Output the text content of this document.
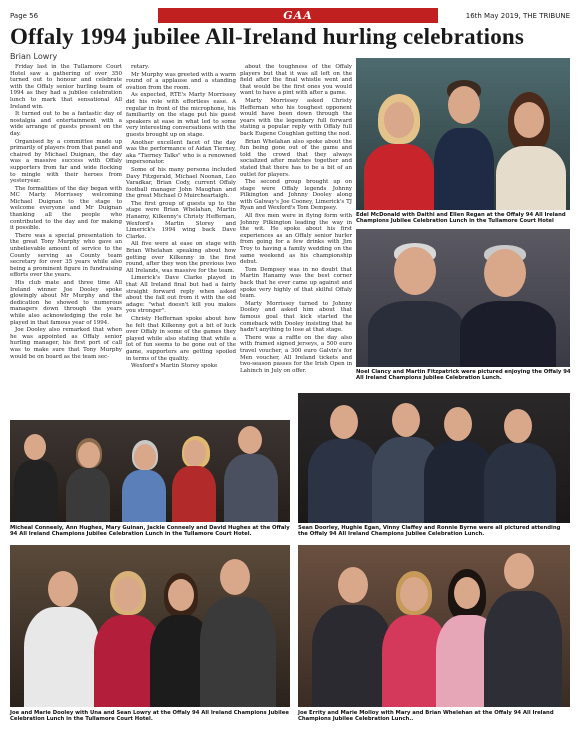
Page 56	GAA	16th May 2019, THE TRIBUNE
Offaly 1994 jubilee All-Ireland hurling celebrations
Brian Lowry

Friday last in the Tullamore Court Hotel saw a gathering of over 350 turned out to honour and celebrate with the Offaly senior hurling team of 1994 as they had a jubilee celebration lunch to mark that sensational All Ireland win.

It turned out to be a fantastic day of nostalgia and entertainment with a wide arrange of guests present on the day.

Organised by a committee made up primarily of players from that panel and chaired by Michael Duignan, the day was a massive success with Offaly supporters from far and wide flocking to mingle with their heroes from yesteryear.

The formalities of the day began with MC Marty Morrissey welcoming Michael Duignan to the stage to welcome everyone and Mr Duignan thanking all the people who contributed to the day and for making it possible.

There was a special presentation to the great Tony Murphy who gave an unbelievable amount of service to the County serving as County team secretary for over 35 years while also being a prominent figure in fundraising efforts over the years.

His club mate and three time All Ireland winner Joe Dooley spoke glowingly about Mr Murphy and the dedication he showed to numerous managers down through the years while also acknowledging the role he played in that famous year of 1994.

Joe Dooley also remarked that when he was appointed as Offaly senior hurling manager, his first port of call was to make sure that Tony Murphy would be on board as the team sec-

retary.

Mr Murphy was greeted with a warm round of a applause and a standing ovation from the room.

As expected, RTE's Marty Morrissey did his role with effortless ease. A regular in front of the microphone, his familiarity on the stage put his guest speakers at ease in what led to some very interesting conversations with the guests brought up on stage.

Another excellent facet of the day was the performance of Aidan Tierney, aka "Tierney Talks" who is a renowned impersonator.

Some of his many persona included Davy Fitzgerald, Michael Noonan, Leo Varadkar, Brian Cody, current Offaly football manager John Maughan and the great Michael O Muircheartaigh.

The first group of guests up to the stage were Brian Whelahan, Martin Hanamy, Kilkenny's Christy Heffernan, Wexford's Martin Storey and Limerick's 1994 wing back Dave Clarke.

All five were at ease on stage with Brian Whelahan speaking about how getting over Kilkenny in the first round, after they won the previous two All Irelands, was massive for the team.

Limerick's Dave Clarke played in that All Ireland final but had a fairly straight forward reply when asked about the fall out from it with the old adage: "what doesn't kill you makes you stronger".

Christy Heffernan spoke about how he felt that Kilkenny got a bit of luck over Offaly in some of the games they played while also stating that while a lot of fun seems to be gone out of the game, supporters are getting spoiled in terms of the quality.

Wexford's Martin Storey spoke

about the toughness of the Offaly players but that it was all left on the field after the final whistle went and that would be the first ones you would want to have a pint with after a game.

Marty Morrissey asked Christy Heffernan who his toughest opponent would have been down through the years with the legendary full forward stating a popular reply with Offaly full back Eugene Coughlan getting the nod.

Brian Whelahan also spoke about the fun being gone out of the game and told the crowd that they always socialized after matches together and stated that there has to be a bit of an outlet for players.

The second group brought up on stage were Offaly legends Johnny Pilkington and Johnny Dooley along with Galway's Joe Cooney, Limerick's TJ Ryan and Wexford's Tom Dempsey.

All five men were in flying form with Johnny Pilkington leading the way in the wit. He spoke about his first experiences as an Offaly senior hurler from going for a few drinks with Jim Troy to having a family wedding on the same weekend as his championship debut.

Tom Dempsey was in no doubt that Martin Hanamy was the best corner back that he ever came up against and spoke very highly of that skilful Offaly team.

Marty Morrissey turned to Johnny Dooley and asked him about that famous goal that kick started the comeback with Dooley insisting that he hadn't anything to lose at that stage.

There was a raffle on the day also with framed signed jerseys, a 500 euro travel voucher, a 300 euro Galvin's for Men voucher, All Ireland tickets and two-season passes for the Irish Open in Lahinch in July on offer.

Edel McDonald with Daithi and Ellen Regan at the Offaly 94 All Ireland Champions Jubilee Celebration Lunch in the Tullamore Court Hotel
Noel Clancy and Martin Fitzpatrick were pictured enjoying the Offaly 94 All Ireland Champions Jubilee Celebration Lunch.
Micheal Conneely, Ann Hughes, Mary Guinan, Jackie Conneely and David Hughes at the Offaly 94 All Ireland Champions Jubilee Celebration Lunch in the Tullamore Court Hotel.
Sean Doorley, Hughie Egan, Vinny Claffey and Ronnie Byrne were all pictured attending the Offaly 94 All Ireland Champions Jubilee Celebration Lunch.
Joe and Marie Dooley with Una and Sean Lowry at the Offaly 94 All Ireland Champions Jubilee Celebration Lunch in the Tullamore Court Hotel.
Joe Errity and Marie Molloy with Mary and Brian Whelehan at the Offaly 94 All Ireland Champions Jubilee Celebration Lunch..
